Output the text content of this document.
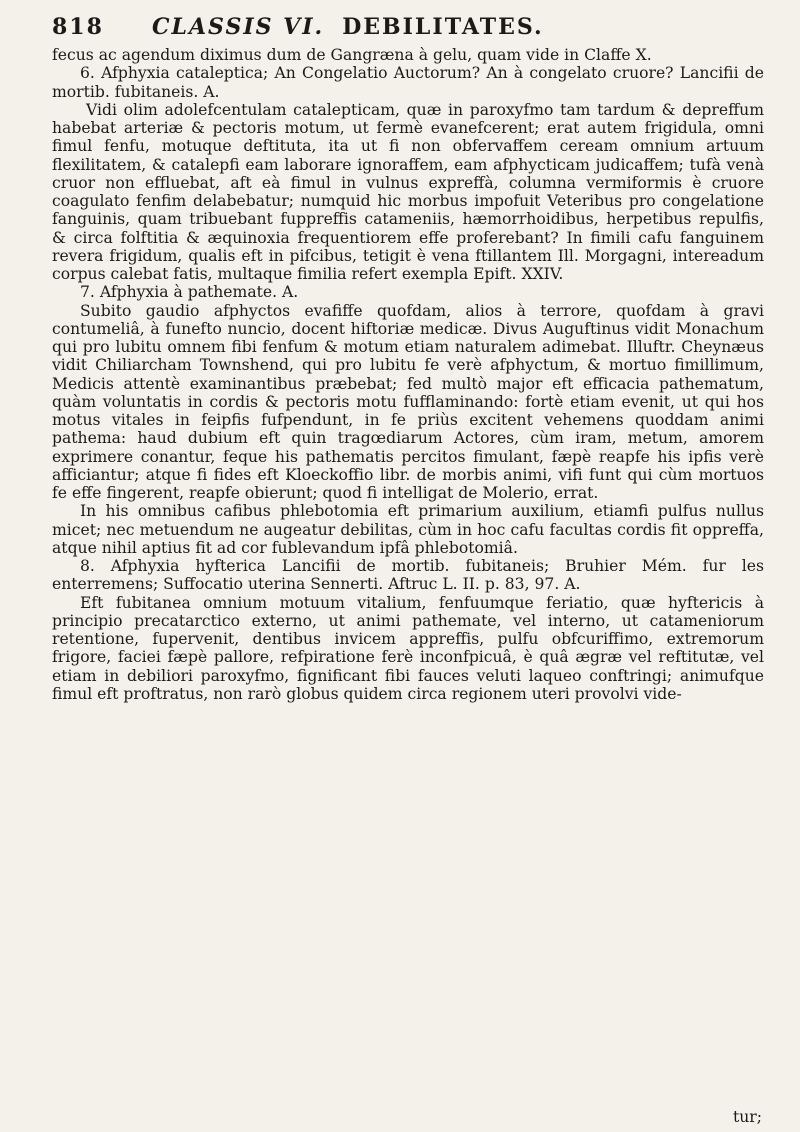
818 CLASSIS VI. DEBILITATES.

fecus ac agendum diximus dum de Gangræna à gelu, quam vide in Claffe X.

6. Afphyxia cataleptica; An Congelatio Auctorum? An à congelato cruore? Lancifii de mortib. fubitaneis. A.

Vidi olim adolefcentulam catalepticam, quæ in paroxyfmo tam tardum & depreffum habebat arteriæ & pectoris motum, ut fermè evanefcerent; erat autem frigidula, omni fimul fenfu, motuque deftituta, ita ut fi non obfervaffem ceream omnium artuum flexilitatem, & catalepfi eam laborare ignoraffem, eam afphycticam judicaffem; tufà venà cruor non effluebat, aft eà fimul in vulnus expreffà, columna vermiformis è cruore coagulato fenfim delabebatur; numquid hic morbus impofuit Veteribus pro congelatione fanguinis, quam tribuebant fuppreffis catameniis, hæmorrhoidibus, herpetibus repulfis, & circa folftitia & æquinoxia frequentiorem effe proferebant? In fimili cafu fanguinem revera frigidum, qualis eft in pifcibus, tetigit è vena ftillantem Ill. Morgagni, intereadum corpus calebat fatis, multaque fimilia refert exempla Epift. XXIV.

7. Afphyxia à pathemate. A.

Subito gaudio afphyctos evafiffe quofdam, alios à terrore, quofdam à gravi contumeliâ, à funefto nuncio, docent hiftoriæ medicæ. Divus Auguftinus vidit Monachum qui pro lubitu omnem fibi fenfum & motum etiam naturalem adimebat. Illuftr. Cheynæus vidit Chiliarcham Townshend, qui pro lubitu fe verè afphyctum, & mortuo fimillimum, Medicis attentè examinantibus præbebat; fed multò major eft efficacia pathematum, quàm voluntatis in cordis & pectoris motu fufflaminando: fortè etiam evenit, ut qui hos motus vitales in feipfis fufpendunt, in fe priùs excitent vehemens quoddam animi pathema: haud dubium eft quin tragœdiarum Actores, cùm iram, metum, amorem exprimere conantur, feque his pathematis percitos fimulant, fæpè reapfe his ipfis verè afficiantur; atque fi fides eft Kloeckoffio libr. de morbis animi, vifi funt qui cùm mortuos fe effe fingerent, reapfe obierunt; quod fi intelligat de Molerio, errat.

In his omnibus cafibus phlebotomia eft primarium auxilium, etiamfi pulfus nullus micet; nec metuendum ne augeatur debilitas, cùm in hoc cafu facultas cordis fit oppreffa, atque nihil aptius fit ad cor fublevandum ipfâ phlebotomiâ.

8. Afphyxia hyfterica Lancifii de mortib. fubitaneis; Bruhier Mém. fur les enterremens; Suffocatio uterina Sennerti. Aftruc L. II. p. 83, 97. A.

Eft fubitanea omnium motuum vitalium, fenfuumque feriatio, quæ hyftericis à principio precatarctico externo, ut animi pathemate, vel interno, ut catameniorum retentione, fupervenit, dentibus invicem appreffis, pulfu obfcuriffimo, extremorum frigore, faciei fæpè pallore, refpiratione ferè inconfpicuâ, è quâ ægræ vel reftitutæ, vel etiam in debiliori paroxyfmo, fignificant fibi fauces veluti laqueo conftringi; animufque fimul eft proftratus, non rarò globus quidem circa regionem uteri provolvi vide-

tur;
